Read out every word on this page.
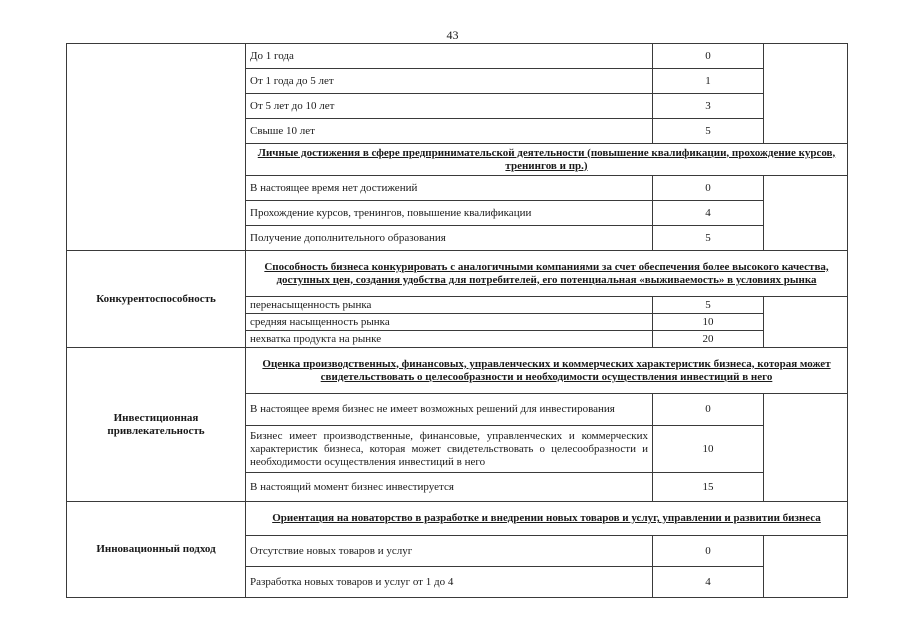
43
	До 1 года	0	
	От 1 года до 5 лет	1	
	От 5 лет до 10 лет	3	
	Свыше 10 лет	5	
	Личные достижения в сфере предпринимательской деятельности (повышение квалификации, прохождение курсов, тренингов и пр.)		
	В настоящее время нет достижений	0	
	Прохождение курсов, тренингов, повышение квалификации	4	
	Получение дополнительного образования	5	
Конкурентоспособность	Способность бизнеса конкурировать с аналогичными компаниями за счет обеспечения более высокого качества, доступных цен, создания удобства для потребителей, его потенциальная «выживаемость» в условиях рынка		
	перенасыщенность рынка	5	
	средняя насыщенность рынка	10	
	нехватка продукта на рынке	20	
Инвестиционная привлекательность	Оценка производственных, финансовых, управленческих и коммерческих характеристик бизнеса, которая может свидетельствовать о целесообразности и необходимости осуществления инвестиций в него		
	В настоящее время бизнес не имеет возможных решений для инвестирования	0	
	Бизнес имеет производственные, финансовые, управленческих и коммерческих характеристик бизнеса, которая может свидетельствовать о целесообразности и необходимости осуществления инвестиций в него	10	
	В настоящий момент бизнес инвестируется	15	
Инновационный подход	Ориентация на новаторство в разработке и внедрении новых товаров и услуг, управлении и развитии бизнеса		
	Отсутствие новых товаров и услуг	0	
	Разработка новых товаров и услуг от 1 до 4	4	
